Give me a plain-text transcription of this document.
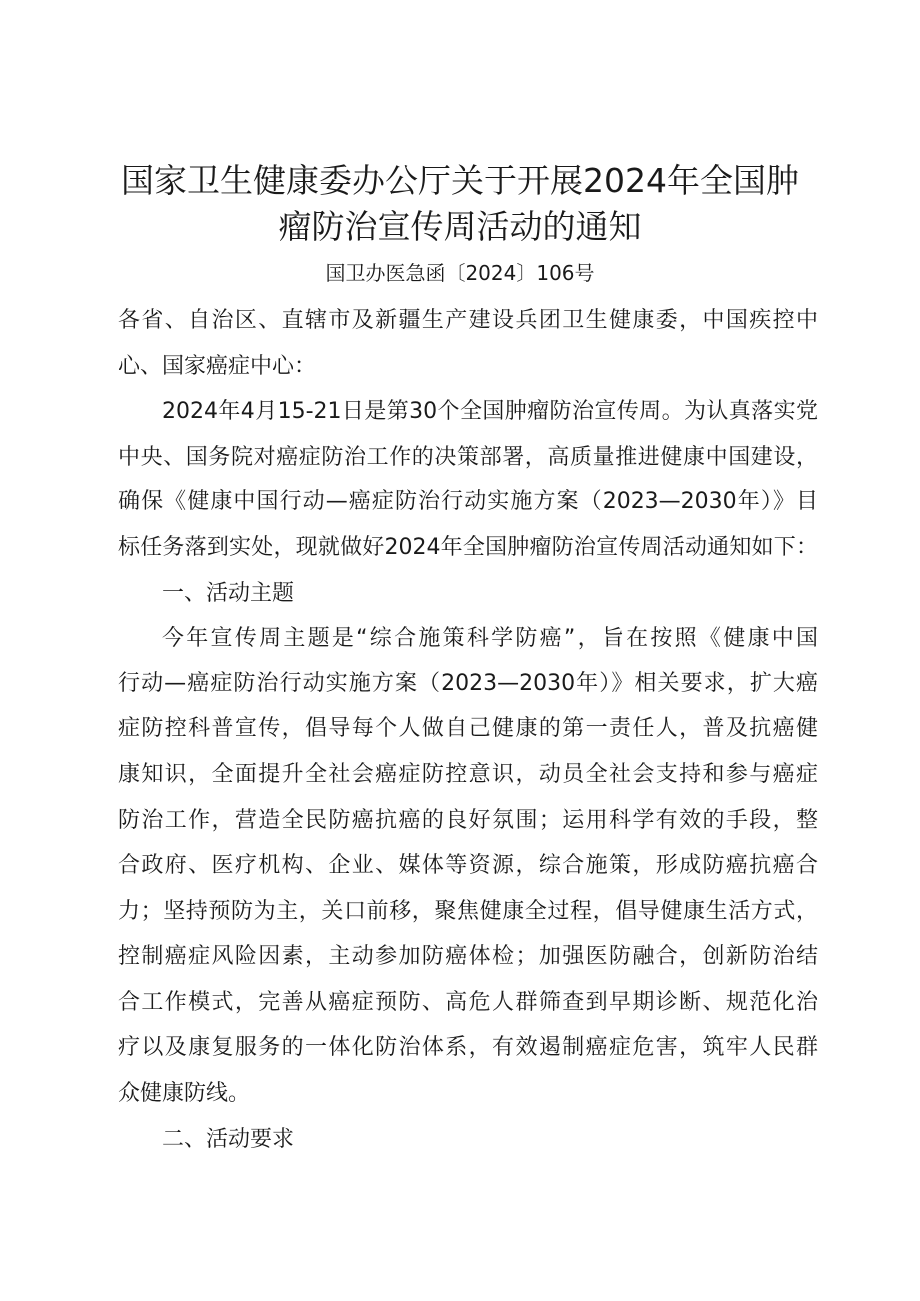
国家卫生健康委办公厅关于开展2024年全国肿
瘤防治宣传周活动的通知
国卫办医急函〔2024〕106号
各省、自治区、直辖市及新疆生产建设兵团卫生健康委，中国疾控中
心、国家癌症中心：
2024年4月15-21日是第30个全国肿瘤防治宣传周。为认真落实党
中央、国务院对癌症防治工作的决策部署，高质量推进健康中国建设，
确保《健康中国行动—癌症防治行动实施方案（2023—2030年）》目
标任务落到实处，现就做好2024年全国肿瘤防治宣传周活动通知如下：
一、活动主题
今年宣传周主题是“综合施策科学防癌”，旨在按照《健康中国
行动—癌症防治行动实施方案（2023—2030年）》相关要求，扩大癌
症防控科普宣传，倡导每个人做自己健康的第一责任人，普及抗癌健
康知识，全面提升全社会癌症防控意识，动员全社会支持和参与癌症
防治工作，营造全民防癌抗癌的良好氛围；运用科学有效的手段，整
合政府、医疗机构、企业、媒体等资源，综合施策，形成防癌抗癌合
力；坚持预防为主，关口前移，聚焦健康全过程，倡导健康生活方式，
控制癌症风险因素，主动参加防癌体检；加强医防融合，创新防治结
合工作模式，完善从癌症预防、高危人群筛查到早期诊断、规范化治
疗以及康复服务的一体化防治体系，有效遏制癌症危害，筑牢人民群
众健康防线。
二、活动要求
